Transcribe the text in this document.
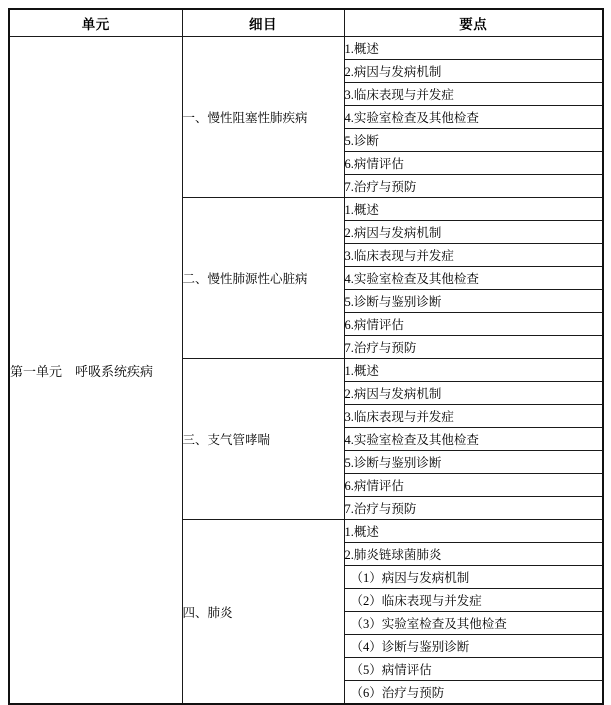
单元	细目	要点
第一单元　呼吸系统疾病	一、慢性阻塞性肺疾病	1.概述
		2.病因与发病机制
		3.临床表现与并发症
		4.实验室检查及其他检查
		5.诊断
		6.病情评估
		7.治疗与预防
	二、慢性肺源性心脏病	1.概述
		2.病因与发病机制
		3.临床表现与并发症
		4.实验室检查及其他检查
		5.诊断与鉴别诊断
		6.病情评估
		7.治疗与预防
	三、支气管哮喘	1.概述
		2.病因与发病机制
		3.临床表现与并发症
		4.实验室检查及其他检查
		5.诊断与鉴别诊断
		6.病情评估
		7.治疗与预防
	四、肺炎	1.概述
		2.肺炎链球菌肺炎
		（1）病因与发病机制
		（2）临床表现与并发症
		（3）实验室检查及其他检查
		（4）诊断与鉴别诊断
		（5）病情评估
		（6）治疗与预防
